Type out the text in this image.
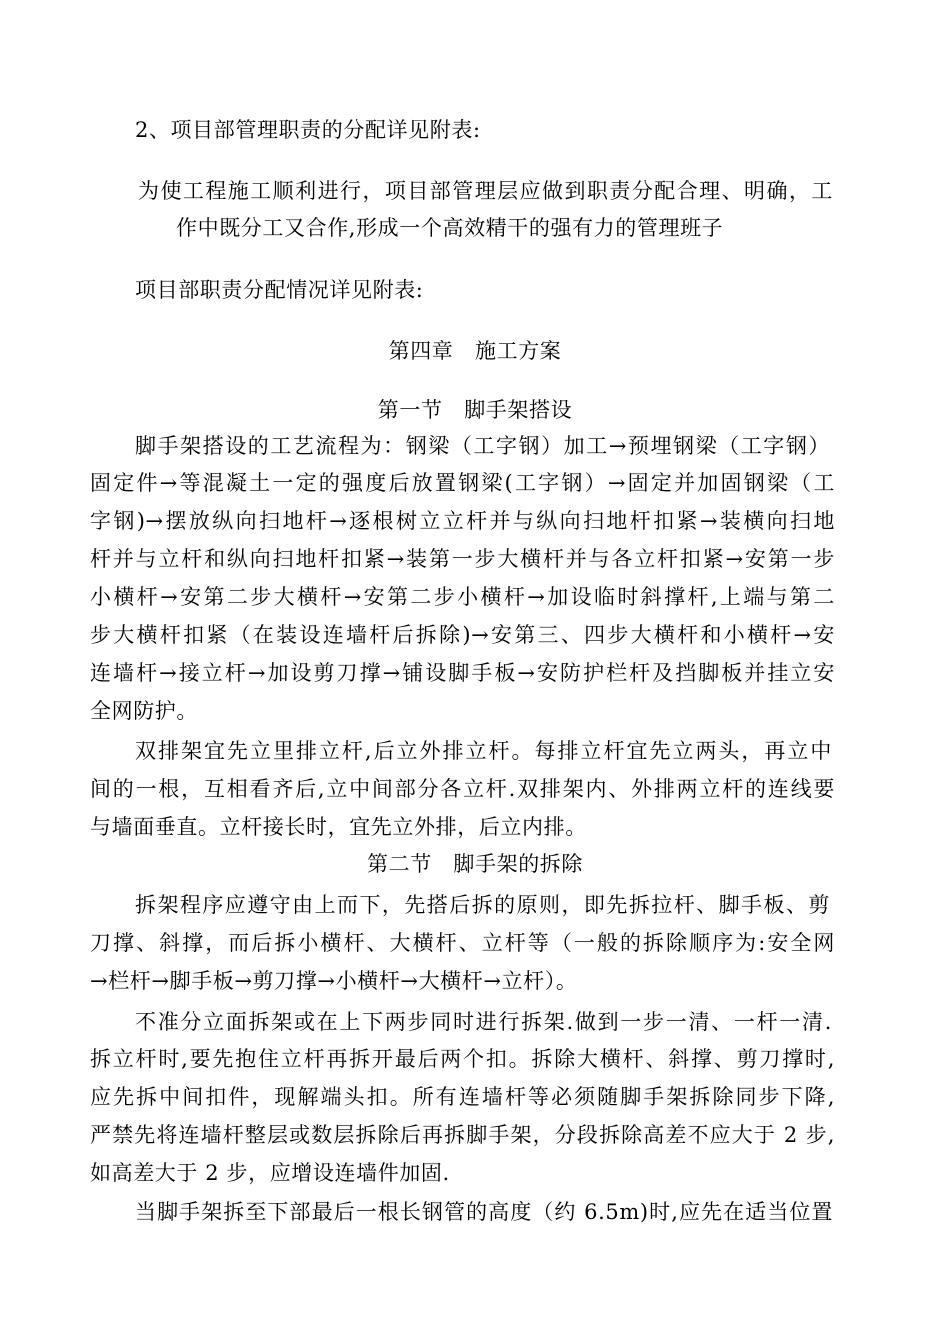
2、项目部管理职责的分配详见附表:
为使工程施工顺利进行，项目部管理层应做到职责分配合理、明确，工
作中既分工又合作,形成一个高效精干的强有力的管理班子
项目部职责分配情况详见附表:
第四章　施工方案
第一节　脚手架搭设
脚手架搭设的工艺流程为：钢梁（工字钢）加工→预埋钢梁（工字钢）
固定件→等混凝土一定的强度后放置钢梁(工字钢）→固定并加固钢梁（工
字钢)→摆放纵向扫地杆→逐根树立立杆并与纵向扫地杆扣紧→装横向扫地
杆并与立杆和纵向扫地杆扣紧→装第一步大横杆并与各立杆扣紧→安第一步
小横杆→安第二步大横杆→安第二步小横杆→加设临时斜撑杆,上端与第二
步大横杆扣紧（在装设连墙杆后拆除)→安第三、四步大横杆和小横杆→安
连墙杆→接立杆→加设剪刀撑→铺设脚手板→安防护栏杆及挡脚板并挂立安
全网防护。
双排架宜先立里排立杆,后立外排立杆。每排立杆宜先立两头，再立中
间的一根，互相看齐后,立中间部分各立杆.双排架内、外排两立杆的连线要
与墙面垂直。立杆接长时，宜先立外排，后立内排。
第二节　脚手架的拆除
拆架程序应遵守由上而下，先搭后拆的原则，即先拆拉杆、脚手板、剪
刀撑、斜撑，而后拆小横杆、大横杆、立杆等（一般的拆除顺序为:安全网
→栏杆→脚手板→剪刀撑→小横杆→大横杆→立杆）。
不准分立面拆架或在上下两步同时进行拆架.做到一步一清、一杆一清.
拆立杆时,要先抱住立杆再拆开最后两个扣。拆除大横杆、斜撑、剪刀撑时,
应先拆中间扣件，现解端头扣。所有连墙杆等必须随脚手架拆除同步下降,
严禁先将连墙杆整层或数层拆除后再拆脚手架，分段拆除高差不应大于 2 步,
如高差大于 2 步，应增设连墙件加固.
当脚手架拆至下部最后一根长钢管的高度（约 6.5m)时,应先在适当位置
